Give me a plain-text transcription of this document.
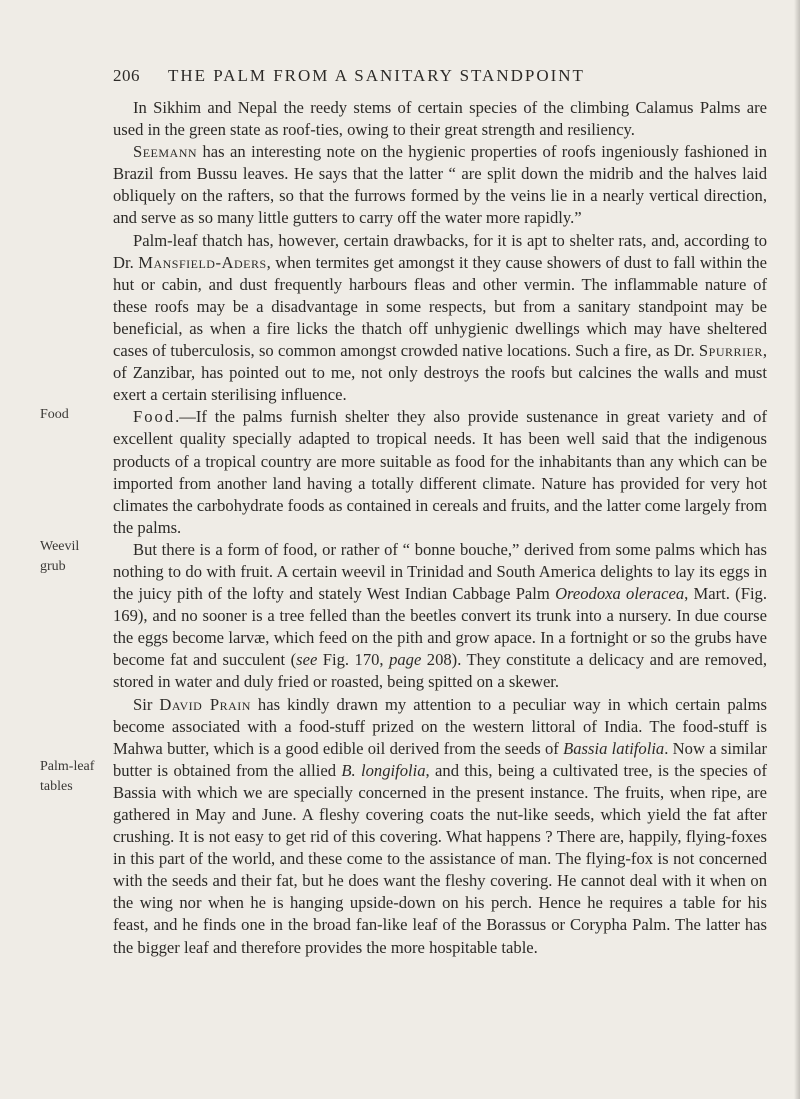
206 THE PALM FROM A SANITARY STANDPOINT
Food
Weevil grub
Palm-leaf tables

In Sikhim and Nepal the reedy stems of certain species of the climbing Calamus Palms are used in the green state as roof-ties, owing to their great strength and resiliency.

Seemann has an interesting note on the hygienic properties of roofs ingeniously fashioned in Brazil from Bussu leaves. He says that the latter “ are split down the midrib and the halves laid obliquely on the rafters, so that the furrows formed by the veins lie in a nearly vertical direction, and serve as so many little gutters to carry off the water more rapidly.”

Palm-leaf thatch has, however, certain drawbacks, for it is apt to shelter rats, and, according to Dr. Mansfield-Aders, when termites get amongst it they cause showers of dust to fall within the hut or cabin, and dust frequently harbours fleas and other vermin. The inflammable nature of these roofs may be a disadvantage in some respects, but from a sanitary standpoint may be beneficial, as when a fire licks the thatch off unhygienic dwellings which may have sheltered cases of tuberculosis, so common amongst crowded native locations. Such a fire, as Dr. Spurrier, of Zanzibar, has pointed out to me, not only destroys the roofs but calcines the walls and must exert a certain sterilising influence.

Food.—If the palms furnish shelter they also provide sustenance in great variety and of excellent quality specially adapted to tropical needs. It has been well said that the indigenous products of a tropical country are more suitable as food for the inhabitants than any which can be imported from another land having a totally different climate. Nature has provided for very hot climates the carbohydrate foods as contained in cereals and fruits, and the latter come largely from the palms.

But there is a form of food, or rather of “ bonne bouche,” derived from some palms which has nothing to do with fruit. A certain weevil in Trinidad and South America delights to lay its eggs in the juicy pith of the lofty and stately West Indian Cabbage Palm Oreodoxa oleracea, Mart. (Fig. 169), and no sooner is a tree felled than the beetles convert its trunk into a nursery. In due course the eggs become larvæ, which feed on the pith and grow apace. In a fortnight or so the grubs have become fat and succulent (see Fig. 170, page 208). They constitute a delicacy and are removed, stored in water and duly fried or roasted, being spitted on a skewer.

Sir David Prain has kindly drawn my attention to a peculiar way in which certain palms become associated with a food-stuff prized on the western littoral of India. The food-stuff is Mahwa butter, which is a good edible oil derived from the seeds of Bassia latifolia. Now a similar butter is obtained from the allied B. longifolia, and this, being a cultivated tree, is the species of Bassia with which we are specially concerned in the present instance. The fruits, when ripe, are gathered in May and June. A fleshy covering coats the nut-like seeds, which yield the fat after crushing. It is not easy to get rid of this covering. What happens ? There are, happily, flying-foxes in this part of the world, and these come to the assistance of man. The flying-fox is not concerned with the seeds and their fat, but he does want the fleshy covering. He cannot deal with it when on the wing nor when he is hanging upside-down on his perch. Hence he requires a table for his feast, and he finds one in the broad fan-like leaf of the Borassus or Corypha Palm. The latter has the bigger leaf and therefore provides the more hospitable table.
